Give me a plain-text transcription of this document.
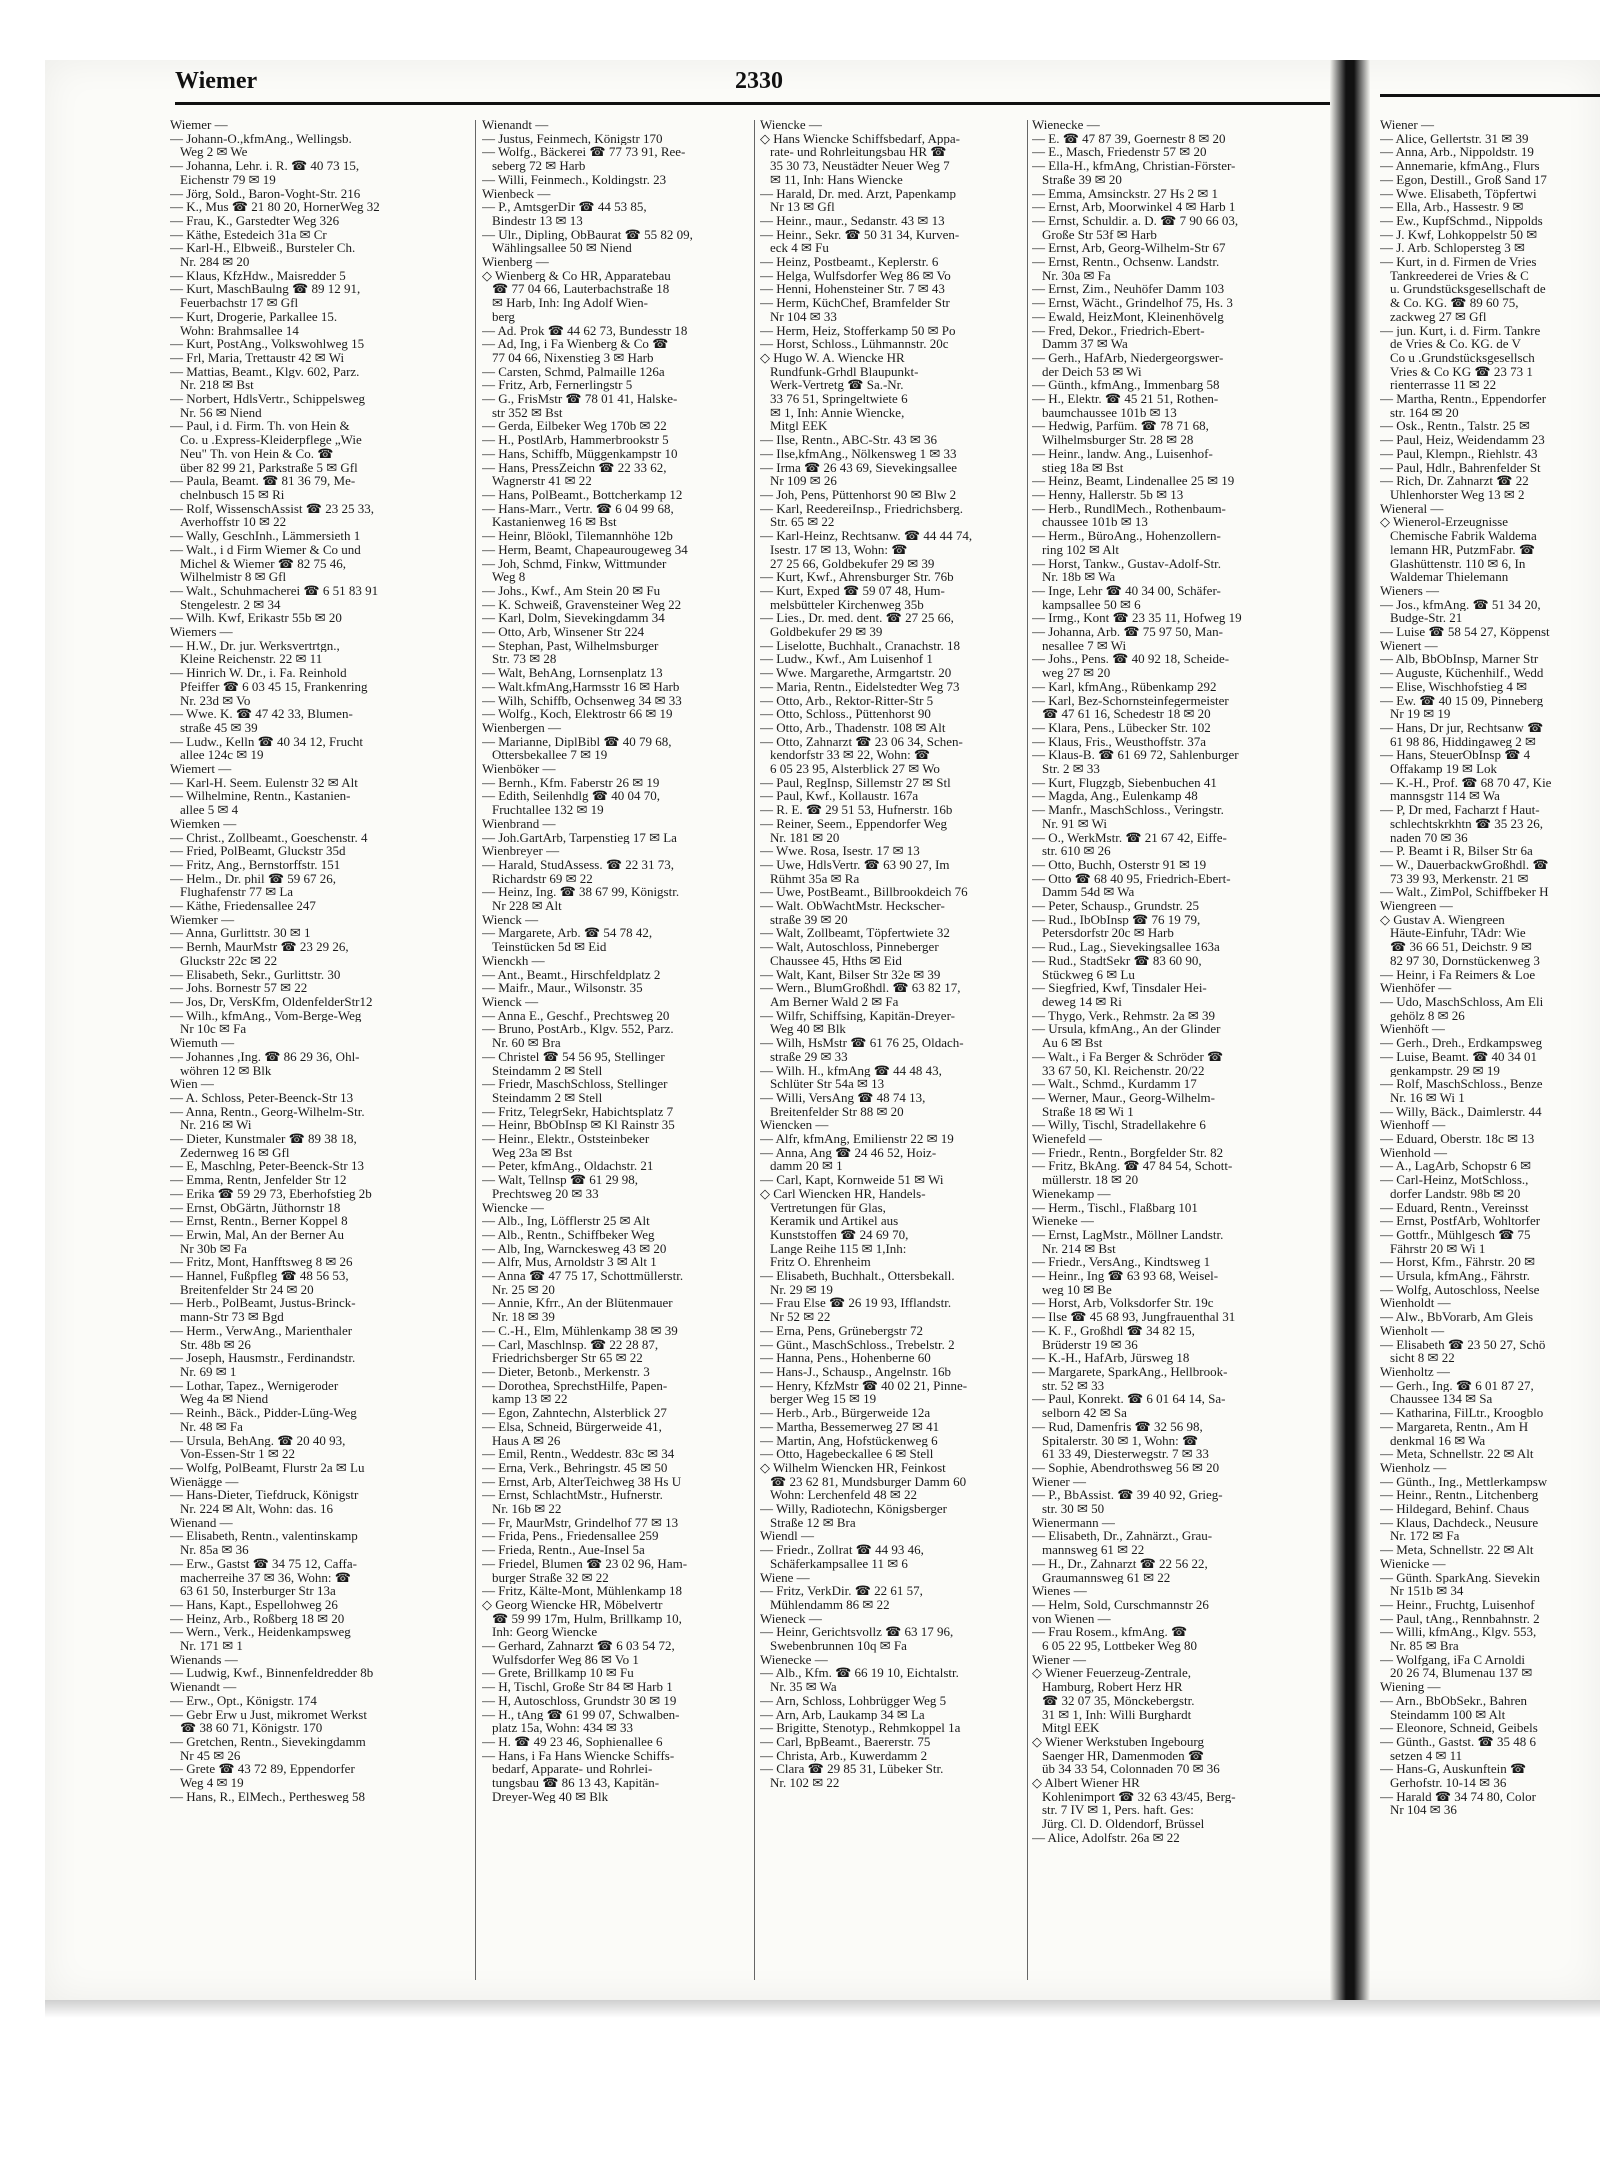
Wiemer	2330
Wiemer —
— Johann-O.,kfmAng., Wellingsb.
Weg 2 ✉ We
— Johanna, Lehr. i. R. ☎ 40 73 15,
Eichenstr 79 ✉ 19
— Jörg, Sold., Baron-Voght-Str. 216
— K., Mus ☎ 21 80 20, HornerWeg 32
— Frau, K., Garstedter Weg 326
— Käthe, Estedeich 31a ✉ Cr
— Karl-H., Elbweiß., Bursteler Ch.
Nr. 284 ✉ 20
— Klaus, KfzHdw., Maisredder 5
— Kurt, MaschBaulng ☎ 89 12 91,
Feuerbachstr 17 ✉ Gfl
— Kurt, Drogerie, Parkallee 15.
Wohn: Brahmsallee 14
— Kurt, PostAng., Volkswohlweg 15
— Frl, Maria, Trettaustr 42 ✉ Wi
— Mattias, Beamt., Klgv. 602, Parz.
Nr. 218 ✉ Bst
— Norbert, HdlsVertr., Schippelsweg
Nr. 56 ✉ Niend
— Paul, i d. Firm. Th. von Hein &
Co. u .Express-Kleiderpflege „Wie
Neu" Th. von Hein & Co. ☎
über 82 99 21, Parkstraße 5 ✉ Gfl
— Paula, Beamt. ☎ 81 36 79, Me-
chelnbusch 15 ✉ Ri
— Rolf, WissenschAssist ☎ 23 25 33,
Averhoffstr 10 ✉ 22
— Wally, GeschInh., Lämmersieth 1
— Walt., i d Firm Wiemer & Co und
Michel & Wiemer ☎ 82 75 46,
Wilhelmistr 8 ✉ Gfl
— Walt., Schuhmacherei ☎ 6 51 83 91
Stengelestr. 2 ✉ 34
— Wilh. Kwf, Erikastr 55b ✉ 20
Wiemers —
— H.W., Dr. jur. Werksvertrtgn.,
Kleine Reichenstr. 22 ✉ 11
— Hinrich W. Dr., i. Fa. Reinhold
Pfeiffer ☎ 6 03 45 15, Frankenring
Nr. 23d ✉ Vo
— Wwe. K. ☎ 47 42 33, Blumen-
straße 45 ✉ 39
— Ludw., Kelln ☎ 40 34 12, Frucht
allee 124c ✉ 19
Wiemert —
— Karl-H. Seem. Eulenstr 32 ✉ Alt
— Wilhelmine, Rentn., Kastanien-
allee 5 ✉ 4
Wiemken —
— Christ., Zollbeamt., Goeschenstr. 4
— Fried, PolBeamt, Gluckstr 35d
— Fritz, Ang., Bernstorffstr. 151
— Helm., Dr. phil ☎ 59 67 26,
Flughafenstr 77 ✉ La
— Käthe, Friedensallee 247
Wiemker —
— Anna, Gurlittstr. 30 ✉ 1
— Bernh, MaurMstr ☎ 23 29 26,
Gluckstr 22c ✉ 22
— Elisabeth, Sekr., Gurlittstr. 30
— Johs. Bornestr 57 ✉ 22
— Jos, Dr, VersKfm, OldenfelderStr12
— Wilh., kfmAng., Vom-Berge-Weg
Nr 10c ✉ Fa
Wiemuth —
— Johannes ,Ing. ☎ 86 29 36, Ohl-
wöhren 12 ✉ Blk
Wien —
— A. Schloss, Peter-Beenck-Str 13
— Anna, Rentn., Georg-Wilhelm-Str.
Nr. 216 ✉ Wi
— Dieter, Kunstmaler ☎ 89 38 18,
Zedernweg 16 ✉ Gfl
— E, Maschlng, Peter-Beenck-Str 13
— Emma, Rentn, Jenfelder Str 12
— Erika ☎ 59 29 73, Eberhofstieg 2b
— Ernst, ObGärtn, Jüthornstr 18
— Ernst, Rentn., Berner Koppel 8
— Erwin, Mal, An der Berner Au
Nr 30b ✉ Fa
— Fritz, Mont, Hanfftsweg 8 ✉ 26
— Hannel, Fußpfleg ☎ 48 56 53,
Breitenfelder Str 24 ✉ 20
— Herb., PolBeamt, Justus-Brinck-
mann-Str 73 ✉ Bgd
— Herm., VerwAng., Marienthaler
Str. 48b ✉ 26
— Joseph, Hausmstr., Ferdinandstr.
Nr. 69 ✉ 1
— Lothar, Tapez., Wernigeroder
Weg 4a ✉ Niend
— Reinh., Bäck., Pidder-Lüng-Weg
Nr. 48 ✉ Fa
— Ursula, BehAng. ☎ 20 40 93,
Von-Essen-Str 1 ✉ 22
— Wolfg, PolBeamt, Flurstr 2a ✉ Lu
Wienägge —
— Hans-Dieter, Tiefdruck, Königstr
Nr. 224 ✉ Alt, Wohn: das. 16
Wienand —
— Elisabeth, Rentn., valentinskamp
Nr. 85a ✉ 36
— Erw., Gastst ☎ 34 75 12, Caffa-
macherreihe 37 ✉ 36, Wohn: ☎
63 61 50, Insterburger Str 13a
— Hans, Kapt., Espellohweg 26
— Heinz, Arb., Roßberg 18 ✉ 20
— Wern., Verk., Heidenkampsweg
Nr. 171 ✉ 1
Wienands —
— Ludwig, Kwf., Binnenfeldredder 8b
Wienandt —
— Erw., Opt., Königstr. 174
— Gebr Erw u Just, mikromet Werkst
☎ 38 60 71, Königstr. 170
— Gretchen, Rentn., Sievekingdamm
Nr 45 ✉ 26
— Grete ☎ 43 72 89, Eppendorfer
Weg 4 ✉ 19
— Hans, R., ElMech., Perthesweg 58
Wienandt —
— Justus, Feinmech, Königstr 170
— Wolfg., Bäckerei ☎ 77 73 91, Ree-
seberg 72 ✉ Harb
— Willi, Feinmech., Koldingstr. 23
Wienbeck —
— P., AmtsgerDir ☎ 44 53 85,
Bindestr 13 ✉ 13
— Ulr., Dipling, ObBaurat ☎ 55 82 09,
Wählingsallee 50 ✉ Niend
Wienberg —
◇ Wienberg & Co HR, Apparatebau
☎ 77 04 66, Lauterbachstraße 18
✉ Harb, Inh: Ing Adolf Wien-
berg
— Ad. Prok ☎ 44 62 73, Bundesstr 18
— Ad, Ing, i Fa Wienberg & Co ☎
77 04 66, Nixenstieg 3 ✉ Harb
— Carsten, Schmd, Palmaille 126a
— Fritz, Arb, Fernerlingstr 5
— G., FrisMstr ☎ 78 01 41, Halske-
str 352 ✉ Bst
— Gerda, Eilbeker Weg 170b ✉ 22
— H., PostlArb, Hammerbrookstr 5
— Hans, Schiffb, Müggenkampstr 10
— Hans, PressZeichn ☎ 22 33 62,
Wagnerstr 41 ✉ 22
— Hans, PolBeamt., Bottcherkamp 12
— Hans-Marr., Vertr. ☎ 6 04 99 68,
Kastanienweg 16 ✉ Bst
— Heinr, Blöokl, Tilemannhöhe 12b
— Herm, Beamt, Chapeaurougeweg 34
— Joh, Schmd, Finkw, Wittmunder
Weg 8
— Johs., Kwf., Am Stein 20 ✉ Fu
— K. Schweiß, Gravensteiner Weg 22
— Karl, Dolm, Sievekingdamm 34
— Otto, Arb, Winsener Str 224
— Stephan, Past, Wilhelmsburger
Str. 73 ✉ 28
— Walt, BehAng, Lornsenplatz 13
— Walt.kfmAng,Harmsstr 16 ✉ Harb
— Wilh, Schiffb, Ochsenweg 34 ✉ 33
— Wolfg., Koch, Elektrostr 66 ✉ 19
Wienbergen —
— Marianne, DiplBibl ☎ 40 79 68,
Ottersbekallee 7 ✉ 19
Wienböker —
— Bernh., Kfm. Faberstr 26 ✉ 19
— Edith, Seilenhdlg ☎ 40 04 70,
Fruchtallee 132 ✉ 19
Wienbrand —
— Joh.GartArb, Tarpenstieg 17 ✉ La
Wienbreyer —
— Harald, StudAssess. ☎ 22 31 73,
Richardstr 69 ✉ 22
— Heinz, Ing. ☎ 38 67 99, Königstr.
Nr 228 ✉ Alt
Wienck —
— Margarete, Arb. ☎ 54 78 42,
Teinstücken 5d ✉ Eid
Wienckh —
— Ant., Beamt., Hirschfeldplatz 2
— Maifr., Maur., Wilsonstr. 35
Wienck —
— Anna E., Geschf., Prechtsweg 20
— Bruno, PostArb., Klgv. 552, Parz.
Nr. 60 ✉ Bra
— Christel ☎ 54 56 95, Stellinger
Steindamm 2 ✉ Stell
— Friedr, MaschSchloss, Stellinger
Steindamm 2 ✉ Stell
— Fritz, TelegrSekr, Habichtsplatz 7
— Heinr, BbObInsp ✉ Kl Rainstr 35
— Heinr., Elektr., Oststeinbeker
Weg 23a ✉ Bst
— Peter, kfmAng., Oldachstr. 21
— Walt, Tellnsp ☎ 61 29 98,
Prechtsweg 20 ✉ 33
Wiencke —
— Alb., Ing, Löfflerstr 25 ✉ Alt
— Alb., Rentn., Schiffbeker Weg
— Alb, Ing, Warnckesweg 43 ✉ 20
— Alfr, Mus, Arnoldstr 3 ✉ Alt 1
— Anna ☎ 47 75 17, Schottmüllerstr.
Nr. 25 ✉ 20
— Annie, Kfrr., An der Blütenmauer
Nr. 18 ✉ 39
— C.-H., Elm, Mühlenkamp 38 ✉ 39
— Carl, Maschlnsp. ☎ 22 28 87,
Friedrichsberger Str 65 ✉ 22
— Dieter, Betonb., Merkenstr. 3
— Dorothea, SprechstHilfe, Papen-
kamp 13 ✉ 22
— Egon, Zahntechn, Alsterblick 27
— Elsa, Schneid, Bürgerweide 41,
Haus A ✉ 26
— Emil, Rentn., Weddestr. 83c ✉ 34
— Erna, Verk., Behringstr. 45 ✉ 50
— Ernst, Arb, AlterTeichweg 38 Hs U
— Ernst, SchlachtMstr., Hufnerstr.
Nr. 16b ✉ 22
— Fr, MaurMstr, Grindelhof 77 ✉ 13
— Frida, Pens., Friedensallee 259
— Frieda, Rentn., Aue-Insel 5a
— Friedel, Blumen ☎ 23 02 96, Ham-
burger Straße 32 ✉ 22
— Fritz, Kälte-Mont, Mühlenkamp 18
◇ Georg Wiencke HR, Möbelvertr
☎ 59 99 17m, Hulm, Brillkamp 10,
Inh: Georg Wiencke
— Gerhard, Zahnarzt ☎ 6 03 54 72,
Wulfsdorfer Weg 86 ✉ Vo 1
— Grete, Brillkamp 10 ✉ Fu
— H, Tischl, Große Str 84 ✉ Harb 1
— H, Autoschloss, Grundstr 30 ✉ 19
— H., tAng ☎ 61 99 07, Schwalben-
platz 15a, Wohn: 434 ✉ 33
— H. ☎ 49 23 46, Sophienallee 6
— Hans, i Fa Hans Wiencke Schiffs-
bedarf, Apparate- und Rohrlei-
tungsbau ☎ 86 13 43, Kapitän-
Dreyer-Weg 40 ✉ Blk
Wiencke —
◇ Hans Wiencke Schiffsbedarf, Appa-
rate- und Rohrleitungsbau HR ☎
35 30 73, Neustädter Neuer Weg 7
✉ 11, Inh: Hans Wiencke
— Harald, Dr. med. Arzt, Papenkamp
Nr 13 ✉ Gfl
— Heinr., maur., Sedanstr. 43 ✉ 13
— Heinr., Sekr. ☎ 50 31 34, Kurven-
eck 4 ✉ Fu
— Heinz, Postbeamt., Keplerstr. 6
— Helga, Wulfsdorfer Weg 86 ✉ Vo
— Henni, Hohensteiner Str. 7 ✉ 43
— Herm, KüchChef, Bramfelder Str
Nr 104 ✉ 33
— Herm, Heiz, Stofferkamp 50 ✉ Po
— Horst, Schloss., Lühmannstr. 20c
◇ Hugo W. A. Wiencke HR
Rundfunk-Grhdl Blaupunkt-
Werk-Vertretg ☎ Sa.-Nr.
33 76 51, Springeltwiete 6
✉ 1, Inh: Annie Wiencke,
Mitgl EEK
— Ilse, Rentn., ABC-Str. 43 ✉ 36
— Ilse,kfmAng., Nölkensweg 1 ✉ 33
— Irma ☎ 26 43 69, Sievekingsallee
Nr 109 ✉ 26
— Joh, Pens, Püttenhorst 90 ✉ Blw 2
— Karl, ReedereiInsp., Friedrichsberg.
Str. 65 ✉ 22
— Karl-Heinz, Rechtsanw. ☎ 44 44 74,
Isestr. 17 ✉ 13, Wohn: ☎
27 25 66, Goldbekufer 29 ✉ 39
— Kurt, Kwf., Ahrensburger Str. 76b
— Kurt, Exped ☎ 59 07 48, Hum-
melsbütteler Kirchenweg 35b
— Lies., Dr. med. dent. ☎ 27 25 66,
Goldbekufer 29 ✉ 39
— Liselotte, Buchhalt., Cranachstr. 18
— Ludw., Kwf., Am Luisenhof 1
— Wwe. Margarethe, Armgartstr. 20
— Maria, Rentn., Eidelstedter Weg 73
— Otto, Arb., Rektor-Ritter-Str 5
— Otto, Schloss., Püttenhorst 90
— Otto, Arb., Thadenstr. 108 ✉ Alt
— Otto, Zahnarzt ☎ 23 06 34, Schen-
kendorfstr 33 ✉ 22, Wohn: ☎
6 05 23 95, Alsterblick 27 ✉ Wo
— Paul, RegInsp, Sillemstr 27 ✉ Stl
— Paul, Kwf., Kollaustr. 167a
— R. E. ☎ 29 51 53, Hufnerstr. 16b
— Reiner, Seem., Eppendorfer Weg
Nr. 181 ✉ 20
— Wwe. Rosa, Isestr. 17 ✉ 13
— Uwe, HdlsVertr. ☎ 63 90 27, Im
Rühmt 35a ✉ Ra
— Uwe, PostBeamt., Billbrookdeich 76
— Walt. ObWachtMstr. Heckscher-
straße 39 ✉ 20
— Walt, Zollbeamt, Töpfertwiete 32
— Walt, Autoschloss, Pinneberger
Chaussee 45, Hths ✉ Eid
— Walt, Kant, Bilser Str 32e ✉ 39
— Wern., BlumGroßhdl. ☎ 63 82 17,
Am Berner Wald 2 ✉ Fa
— Wilfr, Schiffsing, Kapitän-Dreyer-
Weg 40 ✉ Blk
— Wilh, HsMstr ☎ 61 76 25, Oldach-
straße 29 ✉ 33
— Wilh. H., kfmAng ☎ 44 48 43,
Schlüter Str 54a ✉ 13
— Willi, VersAng ☎ 48 74 13,
Breitenfelder Str 88 ✉ 20
Wiencken —
— Alfr, kfmAng, Emilienstr 22 ✉ 19
— Anna, Ang ☎ 24 46 52, Hoiz-
damm 20 ✉ 1
— Carl, Kapt, Kornweide 51 ✉ Wi
◇ Carl Wiencken HR, Handels-
Vertretungen für Glas,
Keramik und Artikel aus
Kunststoffen ☎ 24 69 70,
Lange Reihe 115 ✉ 1,Inh:
Fritz O. Ehrenheim
— Elisabeth, Buchhalt., Ottersbekall.
Nr. 29 ✉ 19
— Frau Else ☎ 26 19 93, Ifflandstr.
Nr 52 ✉ 22
— Erna, Pens, Grünebergstr 72
— Günt., MaschSchloss., Trebelstr. 2
— Hanna, Pens., Hohenberne 60
— Hans-J., Schausp., Angelnstr. 16b
— Henry, KfzMstr ☎ 40 02 21, Pinne-
berger Weg 15 ✉ 19
— Herb., Arb., Bürgerweide 12a
— Martha, Bessemerweg 27 ✉ 41
— Martin, Ang, Hofstückenweg 6
— Otto, Hagebeckallee 6 ✉ Stell
◇ Wilhelm Wiencken HR, Feinkost
☎ 23 62 81, Mundsburger Damm 60
Wohn: Lerchenfeld 48 ✉ 22
— Willy, Radiotechn, Königsberger
Straße 12 ✉ Bra
Wiendl —
— Friedr., Zollrat ☎ 44 93 46,
Schäferkampsallee 11 ✉ 6
Wiene —
— Fritz, VerkDir. ☎ 22 61 57,
Mühlendamm 86 ✉ 22
Wieneck —
— Heinr, Gerichtsvollz ☎ 63 17 96,
Swebenbrunnen 10q ✉ Fa
Wienecke —
— Alb., Kfm. ☎ 66 19 10, Eichtalstr.
Nr. 35 ✉ Wa
— Arn, Schloss, Lohbrügger Weg 5
— Arn, Arb, Laukamp 34 ✉ La
— Brigitte, Stenotyp., Rehmkoppel 1a
— Carl, BpBeamt., Baererstr. 75
— Christa, Arb., Kuwerdamm 2
— Clara ☎ 29 85 31, Lübeker Str.
Nr. 102 ✉ 22
Wienecke —
— E. ☎ 47 87 39, Goernestr 8 ✉ 20
— E., Masch, Friedenstr 57 ✉ 20
— Ella-H., kfmAng, Christian-Förster-
Straße 39 ✉ 20
— Emma, Amsinckstr. 27 Hs 2 ✉ 1
— Ernst, Arb, Moorwinkel 4 ✉ Harb 1
— Ernst, Schuldir. a. D. ☎ 7 90 66 03,
Große Str 53f ✉ Harb
— Ernst, Arb, Georg-Wilhelm-Str 67
— Ernst, Rentn., Ochsenw. Landstr.
Nr. 30a ✉ Fa
— Ernst, Zim., Neuhöfer Damm 103
— Ernst, Wächt., Grindelhof 75, Hs. 3
— Ewald, HeizMont, Kleinenhövelg
— Fred, Dekor., Friedrich-Ebert-
Damm 37 ✉ Wa
— Gerh., HafArb, Niedergeorgswer-
der Deich 53 ✉ Wi
— Günth., kfmAng., Immenbarg 58
— H., Elektr. ☎ 45 21 51, Rothen-
baumchaussee 101b ✉ 13
— Hedwig, Parfüm. ☎ 78 71 68,
Wilhelmsburger Str. 28 ✉ 28
— Heinr., landw. Ang., Luisenhof-
stieg 18a ✉ Bst
— Heinz, Beamt, Lindenallee 25 ✉ 19
— Henny, Hallerstr. 5b ✉ 13
— Herb., RundlMech., Rothenbaum-
chaussee 101b ✉ 13
— Herm., BüroAng., Hohenzollern-
ring 102 ✉ Alt
— Horst, Tankw., Gustav-Adolf-Str.
Nr. 18b ✉ Wa
— Inge, Lehr ☎ 40 34 00, Schäfer-
kampsallee 50 ✉ 6
— Irmg., Kont ☎ 23 35 11, Hofweg 19
— Johanna, Arb. ☎ 75 97 50, Man-
nesallee 7 ✉ Wi
— Johs., Pens. ☎ 40 92 18, Scheide-
weg 27 ✉ 20
— Karl, kfmAng., Rübenkamp 292
— Karl, Bez-Schornsteinfegermeister
☎ 47 61 16, Schedestr 18 ✉ 20
— Klara, Pens., Lübecker Str. 102
— Klaus, Fris., Weusthoffstr. 37a
— Klaus-B. ☎ 61 69 72, Sahlenburger
Str. 2 ✉ 33
— Kurt, Flugzgb, Siebenbuchen 41
— Magda, Ang., Eulenkamp 48
— Manfr., MaschSchloss., Veringstr.
Nr. 91 ✉ Wi
— O., WerkMstr. ☎ 21 67 42, Eiffe-
str. 610 ✉ 26
— Otto, Buchh, Osterstr 91 ✉ 19
— Otto ☎ 68 40 95, Friedrich-Ebert-
Damm 54d ✉ Wa
— Peter, Schausp., Grundstr. 25
— Rud., IbObInsp ☎ 76 19 79,
Petersdorfstr 20c ✉ Harb
— Rud., Lag., Sievekingsallee 163a
— Rud., StadtSekr ☎ 83 60 90,
Stückweg 6 ✉ Lu
— Siegfried, Kwf, Tinsdaler Hei-
deweg 14 ✉ Ri
— Thygo, Verk., Rehmstr. 2a ✉ 39
— Ursula, kfmAng., An der Glinder
Au 6 ✉ Bst
— Walt., i Fa Berger & Schröder ☎
33 67 50, Kl. Reichenstr. 20/22
— Walt., Schmd., Kurdamm 17
— Werner, Maur., Georg-Wilhelm-
Straße 18 ✉ Wi 1
— Willy, Tischl, Stradellakehre 6
Wienefeld —
— Friedr., Rentn., Borgfelder Str. 82
— Fritz, BkAng. ☎ 47 84 54, Schott-
müllerstr. 18 ✉ 20
Wienekamp —
— Herm., Tischl., Flaßbarg 101
Wieneke —
— Ernst, LagMstr., Möllner Landstr.
Nr. 214 ✉ Bst
— Friedr., VersAng., Kindtsweg 1
— Heinr., Ing ☎ 63 93 68, Weisel-
weg 10 ✉ Be
— Horst, Arb, Volksdorfer Str. 19c
— Ilse ☎ 45 68 93, Jungfrauenthal 31
— K. F., Großhdl ☎ 34 82 15,
Brüderstr 19 ✉ 36
— K.-H., HafArb, Jürsweg 18
— Margarete, SparkAng., Hellbrook-
str. 52 ✉ 33
— Paul, Konrekt. ☎ 6 01 64 14, Sa-
selborn 42 ✉ Sa
— Rud, Damenfris ☎ 32 56 98,
Spitalerstr. 30 ✉ 1, Wohn: ☎
61 33 49, Diesterwegstr. 7 ✉ 33
— Sophie, Abendrothsweg 56 ✉ 20
Wiener —
— P., BbAssist. ☎ 39 40 92, Grieg-
str. 30 ✉ 50
Wienermann —
— Elisabeth, Dr., Zahnärzt., Grau-
mannsweg 61 ✉ 22
— H., Dr., Zahnarzt ☎ 22 56 22,
Graumannsweg 61 ✉ 22
Wienes —
— Helm, Sold, Curschmannstr 26
von Wienen —
— Frau Rosem., kfmAng. ☎
6 05 22 95, Lottbeker Weg 80
Wiener —
◇ Wiener Feuerzeug-Zentrale,
Hamburg, Robert Herz HR
☎ 32 07 35, Mönckebergstr.
31 ✉ 1, Inh: Willi Burghardt
Mitgl EEK
◇ Wiener Werkstuben Ingebourg
Saenger HR, Damenmoden ☎
üb 34 33 54, Colonnaden 70 ✉ 36
◇ Albert Wiener HR
Kohlenimport ☎ 32 63 43/45, Berg-
str. 7 IV ✉ 1, Pers. haft. Ges:
Jürg. Cl. D. Oldendorf, Brüssel
— Alice, Adolfstr. 26a ✉ 22
Wiener —
— Alice, Gellertstr. 31 ✉ 39
— Anna, Arb., Nippoldstr. 19
— Annemarie, kfmAng., Flurs
— Egon, Destill., Groß Sand 17
— Wwe. Elisabeth, Töpfertwi
— Ella, Arb., Hassestr. 9 ✉
— Ew., KupfSchmd., Nippolds
— J. Kwf, Lohkoppelstr 50 ✉
— J. Arb. Schlopersteg 3 ✉
— Kurt, in d. Firmen de Vries
Tankreederei de Vries & C
u. Grundstücksgesellschaft de
& Co. KG. ☎ 89 60 75,
zackweg 27 ✉ Gfl
— jun. Kurt, i. d. Firm. Tankre
de Vries & Co. KG. de V
Co u .Grundstücksgesellsch
Vries & Co KG ☎ 23 73 1
rienterrasse 11 ✉ 22
— Martha, Rentn., Eppendorfer
str. 164 ✉ 20
— Osk., Rentn., Talstr. 25 ✉
— Paul, Heiz, Weidendamm 23
— Paul, Klempn., Riehlstr. 43
— Paul, Hdlr., Bahrenfelder St
— Rich, Dr. Zahnarzt ☎ 22
Uhlenhorster Weg 13 ✉ 2
Wieneral —
◇ Wienerol-Erzeugnisse
Chemische Fabrik Waldema
lemann HR, PutzmFabr. ☎
Glashüttenstr. 110 ✉ 6, In
Waldemar Thielemann
Wieners —
— Jos., kfmAng. ☎ 51 34 20,
Budge-Str. 21
— Luise ☎ 58 54 27, Köppenst
Wienert —
— Alb, BbObInsp, Marner Str
— Auguste, Küchenhilf., Wedd
— Elise, Wischhofstieg 4 ✉
— Ew. ☎ 40 15 09, Pinneberg
Nr 19 ✉ 19
— Hans, Dr jur, Rechtsanw ☎
61 98 86, Hiddingaweg 2 ✉
— Hans, SteuerObInsp ☎ 4
Offakamp 19 ✉ Lok
— K.-H., Prof. ☎ 68 70 47, Kie
mannsgstr 114 ✉ Wa
— P, Dr med, Facharzt f Haut-
schlechtskrkhtn ☎ 35 23 26,
naden 70 ✉ 36
— P. Beamt i R, Bilser Str 6a
— W., DauerbackwGroßhdl. ☎
73 39 93, Merkenstr. 21 ✉
— Walt., ZimPol, Schiffbeker H
Wiengreen —
◇ Gustav A. Wiengreen
Häute-Einfuhr, TAdr: Wie
☎ 36 66 51, Deichstr. 9 ✉
82 97 30, Dornstückenweg 3
— Heinr, i Fa Reimers & Loe
Wienhöfer —
— Udo, MaschSchloss, Am Eli
gehölz 8 ✉ 26
Wienhöft —
— Gerh., Dreh., Erdkampsweg
— Luise, Beamt. ☎ 40 34 01
genkampstr. 29 ✉ 19
— Rolf, MaschSchloss., Benze
Nr. 16 ✉ Wi 1
— Willy, Bäck., Daimlerstr. 44
Wienhoff —
— Eduard, Oberstr. 18c ✉ 13
Wienhold —
— A., LagArb, Schopstr 6 ✉
— Carl-Heinz, MotSchloss.,
dorfer Landstr. 98b ✉ 20
— Eduard, Rentn., Vereinsst
— Ernst, PostfArb, Wohltorfer
— Gottfr., Mühlgesch ☎ 75
Fährstr 20 ✉ Wi 1
— Horst, Kfm., Fährstr. 20 ✉
— Ursula, kfmAng., Fährstr.
— Wolfg, Autoschloss, Neelse
Wienholdt —
— Alw., BbVorarb, Am Gleis
Wienholt —
— Elisabeth ☎ 23 50 27, Schö
sicht 8 ✉ 22
Wienholtz —
— Gerh., Ing. ☎ 6 01 87 27,
Chaussee 134 ✉ Sa
— Katharina, FilLtr., Kroogblo
— Margareta, Rentn., Am H
denkmal 16 ✉ Wa
— Meta, Schnellstr. 22 ✉ Alt
Wienholz —
— Günth., Ing., Mettlerkampsw
— Heinr., Rentn., Litchenberg
— Hildegard, Behinf. Chaus
— Klaus, Dachdeck., Neusure
Nr. 172 ✉ Fa
— Meta, Schnellstr. 22 ✉ Alt
Wienicke —
— Günth. SparkAng. Sievekin
Nr 151b ✉ 34
— Heinr., Fruchtg, Luisenhof
— Paul, tAng., Rennbahnstr. 2
— Willi, kfmAng., Klgv. 553,
Nr. 85 ✉ Bra
— Wolfgang, iFa C Arnoldi
20 26 74, Blumenau 137 ✉
Wiening —
— Arn., BbObSekr., Bahren
Steindamm 100 ✉ Alt
— Eleonore, Schneid, Geibels
— Günth., Gastst. ☎ 35 48 6
setzen 4 ✉ 11
— Hans-G, Auskunftein ☎
Gerhofstr. 10-14 ✉ 36
— Harald ☎ 34 74 80, Color
Nr 104 ✉ 36
